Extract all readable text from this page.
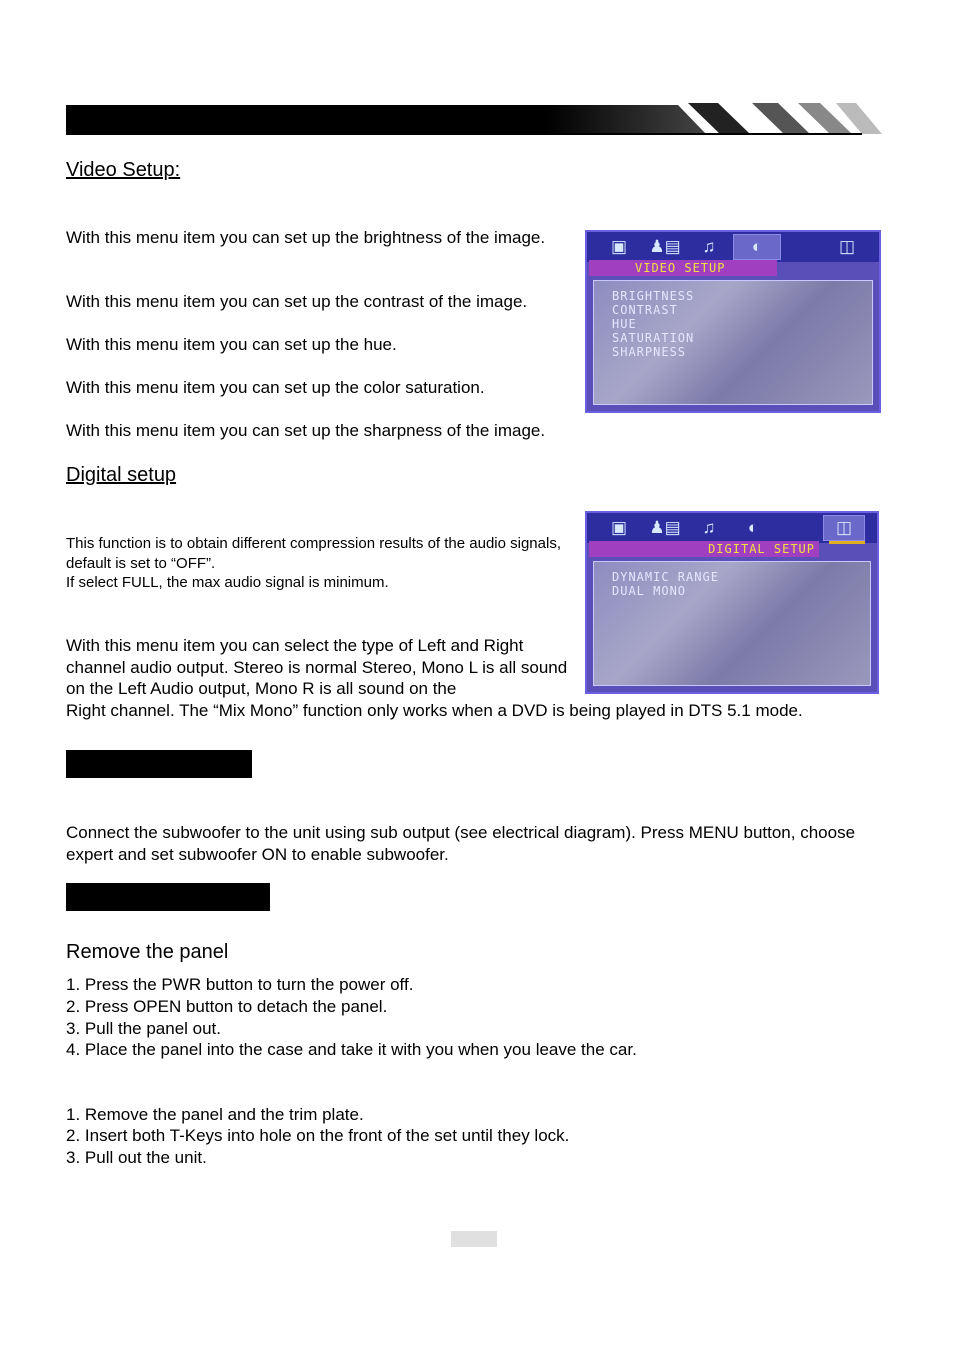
Video Setup:
With this menu item you can set up the brightness of the image.
With this menu item you can set up the contrast of the image.
With this menu item you can set up the hue.
With this menu item you can set up the color saturation.
With this menu item you can set up the sharpness of the image.
▣	♟▤	♫	◐	◫
VIDEO SETUP
BRIGHTNESS
CONTRAST
HUE
SATURATION
SHARPNESS
Digital setup
This function is to obtain different compression results of the audio signals, default is set to “OFF”.
If select FULL, the max audio signal is minimum.
With this menu item you can select the type of Left and Right channel audio output. Stereo is normal Stereo, Mono L is all sound on the Left Audio output, Mono R is all sound on the
Right channel. The “Mix Mono” function only works when a DVD is being played in DTS 5.1 mode.
▣	♟▤	♫	◐	◫
DIGITAL SETUP
DYNAMIC RANGE
DUAL MONO
Connect the subwoofer to the unit using sub output (see electrical diagram). Press MENU button, choose expert and set subwoofer ON to enable subwoofer.
Remove the panel
1. Press the PWR button to turn the power off.
2. Press OPEN button to detach the panel.
3. Pull the panel out.
4. Place the panel into the case and take it with you when you leave the car.
1. Remove the panel and the trim plate.
2. Insert both T-Keys into hole on the front of the set until they lock.
3. Pull out the unit.
